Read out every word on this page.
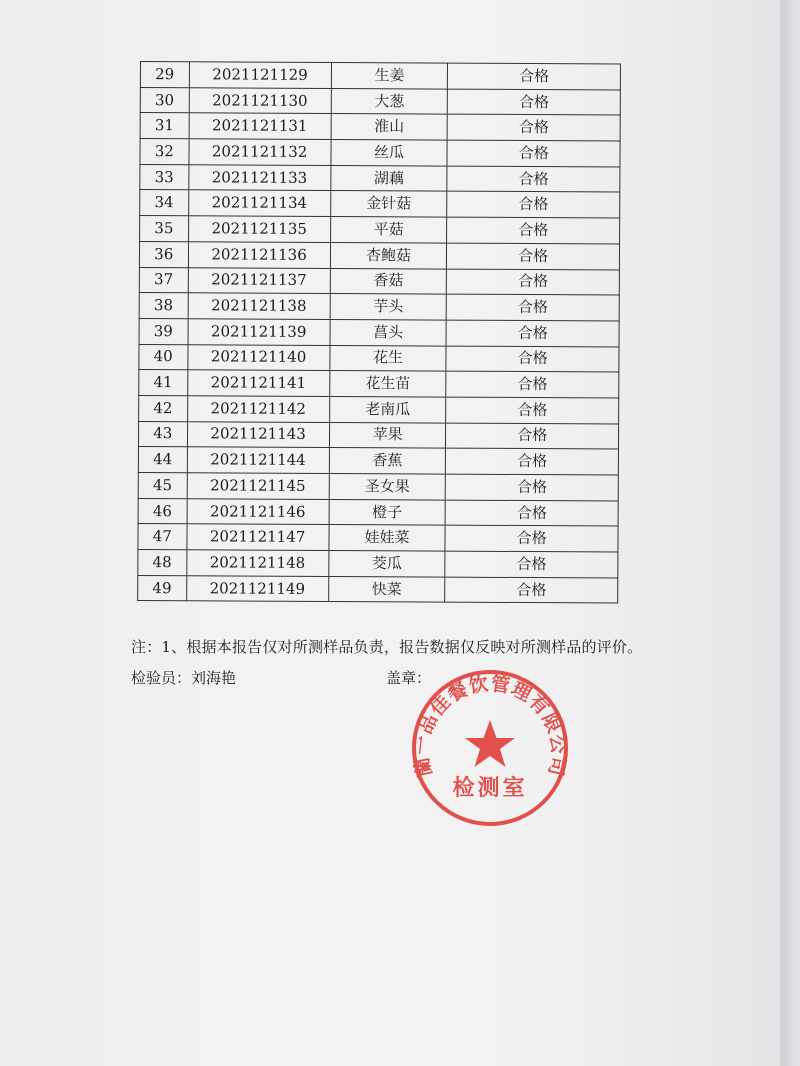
29	2021121129	生姜	合格
30	2021121130	大葱	合格
31	2021121131	淮山	合格
32	2021121132	丝瓜	合格
33	2021121133	湖藕	合格
34	2021121134	金针菇	合格
35	2021121135	平菇	合格
36	2021121136	杏鲍菇	合格
37	2021121137	香菇	合格
38	2021121138	芋头	合格
39	2021121139	菖头	合格
40	2021121140	花生	合格
41	2021121141	花生苗	合格
42	2021121142	老南瓜	合格
43	2021121143	苹果	合格
44	2021121144	香蕉	合格
45	2021121145	圣女果	合格
46	2021121146	橙子	合格
47	2021121147	娃娃菜	合格
48	2021121148	茭瓜	合格
49	2021121149	快菜	合格
注：1、根据本报告仅对所测样品负责，报告数据仅反映对所测样品的评价。
检验员：刘海艳	盖章：
蘭一品佳餐饮管理有限公司
检测室
